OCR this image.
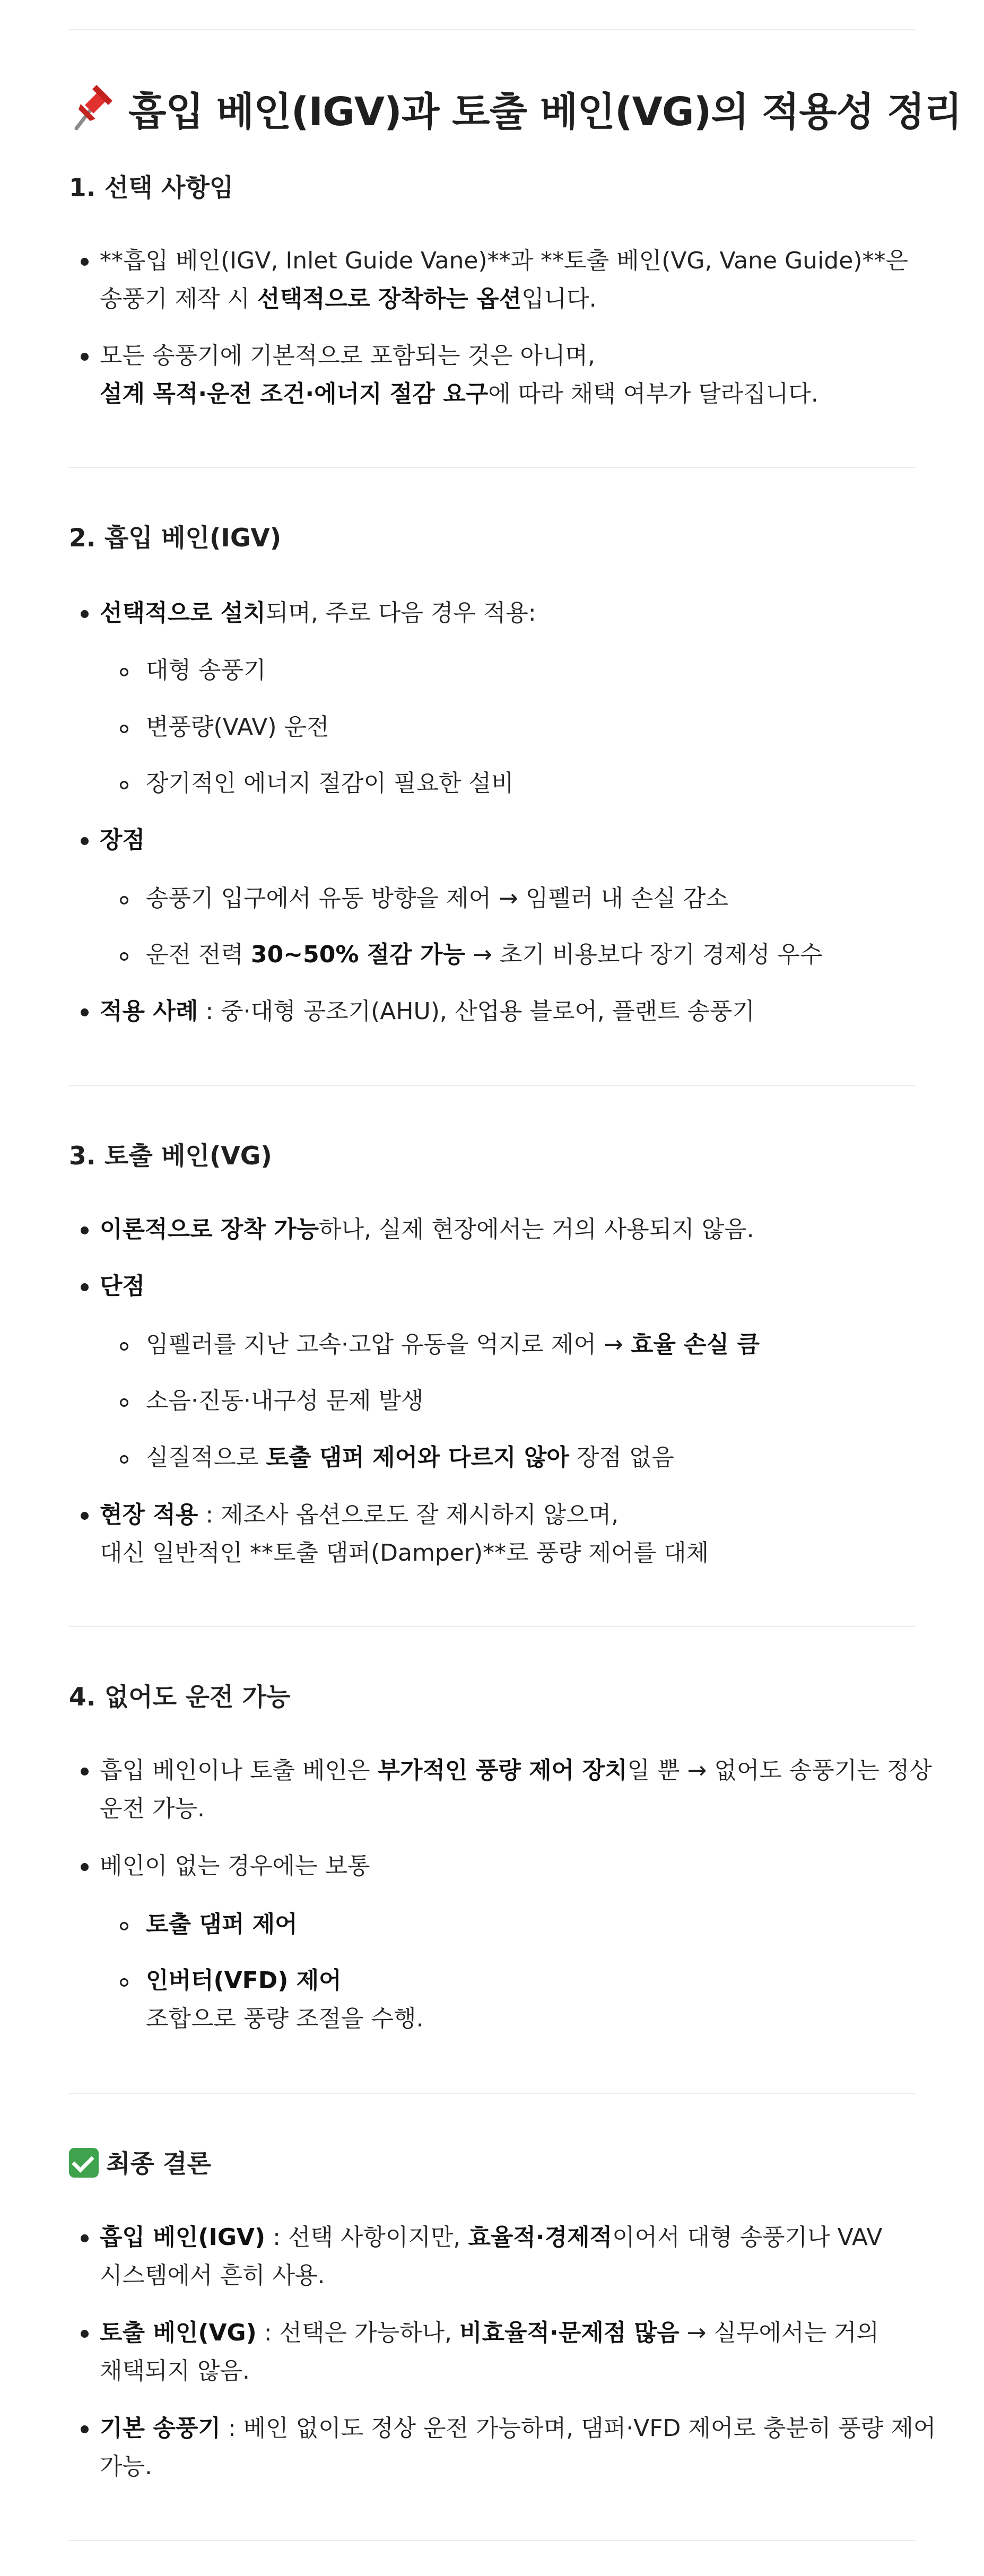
흡입 베인(IGV)과 토출 베인(VG)의 적용성 정리
1. 선택 사항임
**흡입 베인(IGV, Inlet Guide Vane)**과 **토출 베인(VG, Vane Guide)**은
송풍기 제작 시 선택적으로 장착하는 옵션입니다.
모든 송풍기에 기본적으로 포함되는 것은 아니며,
설계 목적·운전 조건·에너지 절감 요구에 따라 채택 여부가 달라집니다.
2. 흡입 베인(IGV)
선택적으로 설치되며, 주로 다음 경우 적용:
대형 송풍기
변풍량(VAV) 운전
장기적인 에너지 절감이 필요한 설비
장점
송풍기 입구에서 유동 방향을 제어 → 임펠러 내 손실 감소
운전 전력 30~50% 절감 가능 → 초기 비용보다 장기 경제성 우수
적용 사례 : 중·대형 공조기(AHU), 산업용 블로어, 플랜트 송풍기
3. 토출 베인(VG)
이론적으로 장착 가능하나, 실제 현장에서는 거의 사용되지 않음.
단점
임펠러를 지난 고속·고압 유동을 억지로 제어 → 효율 손실 큼
소음·진동·내구성 문제 발생
실질적으로 토출 댐퍼 제어와 다르지 않아 장점 없음
현장 적용 : 제조사 옵션으로도 잘 제시하지 않으며,
대신 일반적인 **토출 댐퍼(Damper)**로 풍량 제어를 대체
4. 없어도 운전 가능
흡입 베인이나 토출 베인은 부가적인 풍량 제어 장치일 뿐 → 없어도 송풍기는 정상
운전 가능.
베인이 없는 경우에는 보통
토출 댐퍼 제어
인버터(VFD) 제어
조합으로 풍량 조절을 수행.
최종 결론
흡입 베인(IGV) : 선택 사항이지만, 효율적·경제적이어서 대형 송풍기나 VAV
시스템에서 흔히 사용.
토출 베인(VG) : 선택은 가능하나, 비효율적·문제점 많음 → 실무에서는 거의
채택되지 않음.
기본 송풍기 : 베인 없이도 정상 운전 가능하며, 댐퍼·VFD 제어로 충분히 풍량 제어
가능.
